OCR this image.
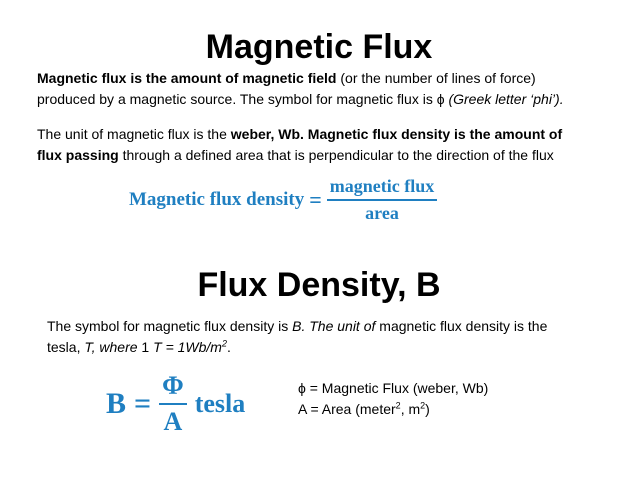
Magnetic Flux
Magnetic flux is the amount of magnetic field (or the number of lines of force)
produced by a magnetic source. The symbol for magnetic flux is ϕ (Greek letter ‘phi’).
The unit of magnetic flux is the weber, Wb. Magnetic flux density is the amount of
flux passing through a defined area that is perpendicular to the direction of the flux
Magnetic flux density = $\frac{\text{magnetic flux}}{\text{area}}$
Flux Density, B
The symbol for magnetic flux density is B. The unit of magnetic flux density is the
tesla, T, where 1 $T = 1Wb/m^2$.
$B = \frac{\Phi}{A}$ tesla
ϕ = Magnetic Flux (weber, Wb)
A = Area (meter$^2$, $m^2$)
